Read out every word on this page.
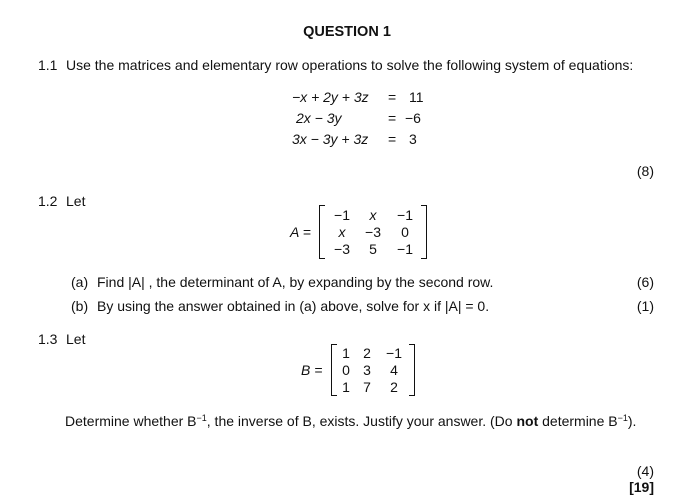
QUESTION 1
1.1 Use the matrices and elementary row operations to solve the following system of equations:
−x + 2y + 3z = 11
2x − 3y	= −6
3x − 3y + 3z = 3
(8)
1.2 Let
A =
−1	x	−1
x	−3	0
−3	5	−1
(a) Find |A| , the determinant of A, by expanding by the second row.	(6)
(b) By using the answer obtained in (a) above, solve for x if |A| = 0.	(1)
1.3 Let
B =
1 2 −1
0 3 4
1 7 2
Determine whether $B^{-1}$, the inverse of B, exists. Justify your answer. (Do not determine $B^{-1}$).
(4)
[19]
